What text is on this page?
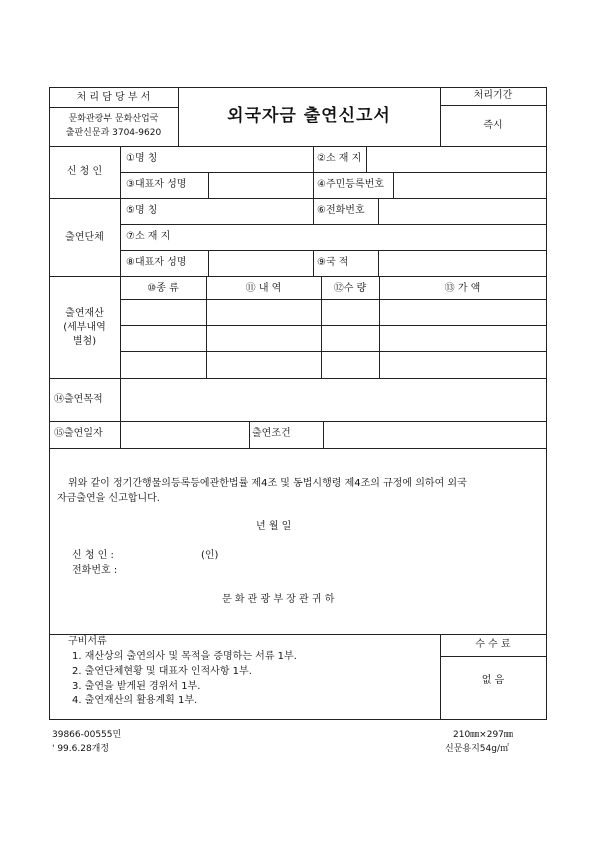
처 리 담 당 부 서
문화관광부 문화산업국
출판신문과 3704-9620
외국자금 출연신고서
처리기간
즉시
신 청 인
①명 칭	②소 재 지
③대표자 성명	④주민등록번호
출연단체
⑤명 칭	⑥전화번호
⑦소 재 지
⑧대표자 성명	⑨국 적
출연재산
(세부내역
별첨)
⑩종 류	⑪ 내 역	⑫수 량	⑬ 가 액
⑭출연목적
⑮출연일자	출연조건
위와 같이 정기간행물의등록등에관한법률 제4조 및 동법시행령 제4조의 규정에 의하여 외국
자금출연을 신고합니다.
년 월 일
신 청 인 :	(인)
전화번호 :
문 화 관 광 부 장 관 귀 하
구비서류
1. 재산상의 출연의사 및 목적을 증명하는 서류 1부.
2. 출연단체현황 및 대표자 인적사항 1부.
3. 출연을 받게된 경위서 1부.
4. 출연재산의 활용계획 1부.
수 수 료
없 음
39866-00555민
' 99.6.28개정
210㎜×297㎜
신문용지54g/㎡
